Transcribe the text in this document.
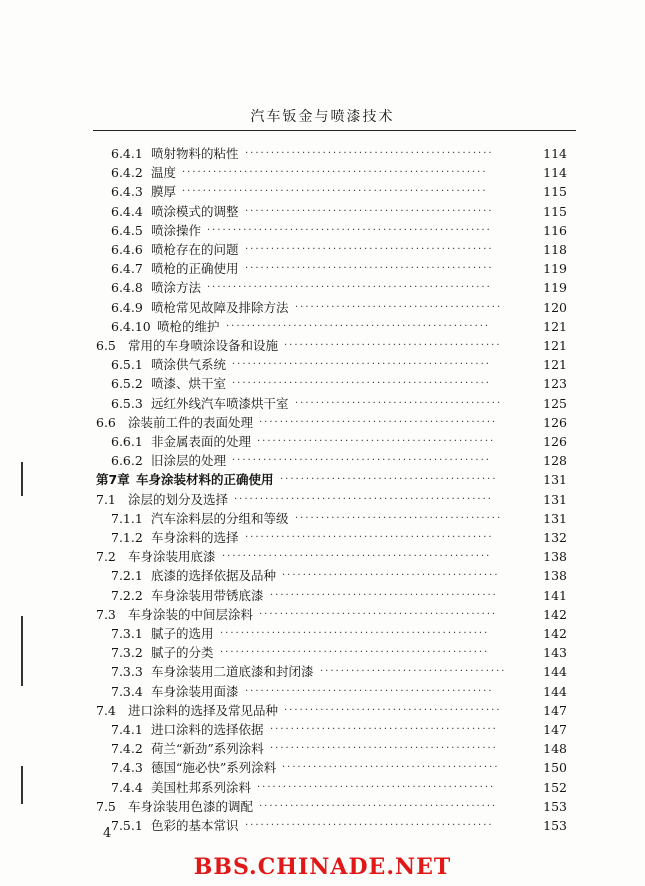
汽车钣金与喷漆技术
6.4.1 喷射物料的粘性 ················································	114
6.4.2 温度 ···························································	114
6.4.3 膜厚 ···························································	115
6.4.4 喷涂模式的调整 ················································	115
6.4.5 喷涂操作 ·······················································	116
6.4.6 喷枪存在的问题 ················································	118
6.4.7 喷枪的正确使用 ················································	119
6.4.8 喷涂方法 ·······················································	119
6.4.9 喷枪常见故障及排除方法 ········································	120
6.4.10 喷枪的维护 ···················································	121
6.5 常用的车身喷涂设备和设施 ··········································	121
6.5.1 喷涂供气系统 ··················································	121
6.5.2 喷漆、烘干室 ··················································	123
6.5.3 远红外线汽车喷漆烘干室 ········································	125
6.6 涂装前工件的表面处理 ··············································	126
6.6.1 非金属表面的处理 ··············································	126
6.6.2 旧涂层的处理 ··················································	128
第7章 车身涂装材料的正确使用 ··········································	131
7.1 涂层的划分及选择 ··················································	131
7.1.1 汽车涂料层的分组和等级 ········································	131
7.1.2 车身涂料的选择 ················································	132
7.2 车身涂装用底漆 ····················································	138
7.2.1 底漆的选择依据及品种 ··········································	138
7.2.2 车身涂装用带锈底漆 ············································	141
7.3 车身涂装的中间层涂料 ··············································	142
7.3.1 腻子的选用 ····················································	142
7.3.2 腻子的分类 ····················································	143
7.3.3 车身涂装用二道底漆和封闭漆 ····································	144
7.3.4 车身涂装用面漆 ················································	144
7.4 进口涂料的选择及常见品种 ··········································	147
7.4.1 进口涂料的选择依据 ············································	147
7.4.2 荷兰“新劲”系列涂料 ············································	148
7.4.3 德国“施必快”系列涂料 ··········································	150
7.4.4 美国杜邦系列涂料 ··············································	152
7.5 车身涂装用色漆的调配 ··············································	153
7.5.1 色彩的基本常识 ················································	153
4
BBS.CHINADE.NET
